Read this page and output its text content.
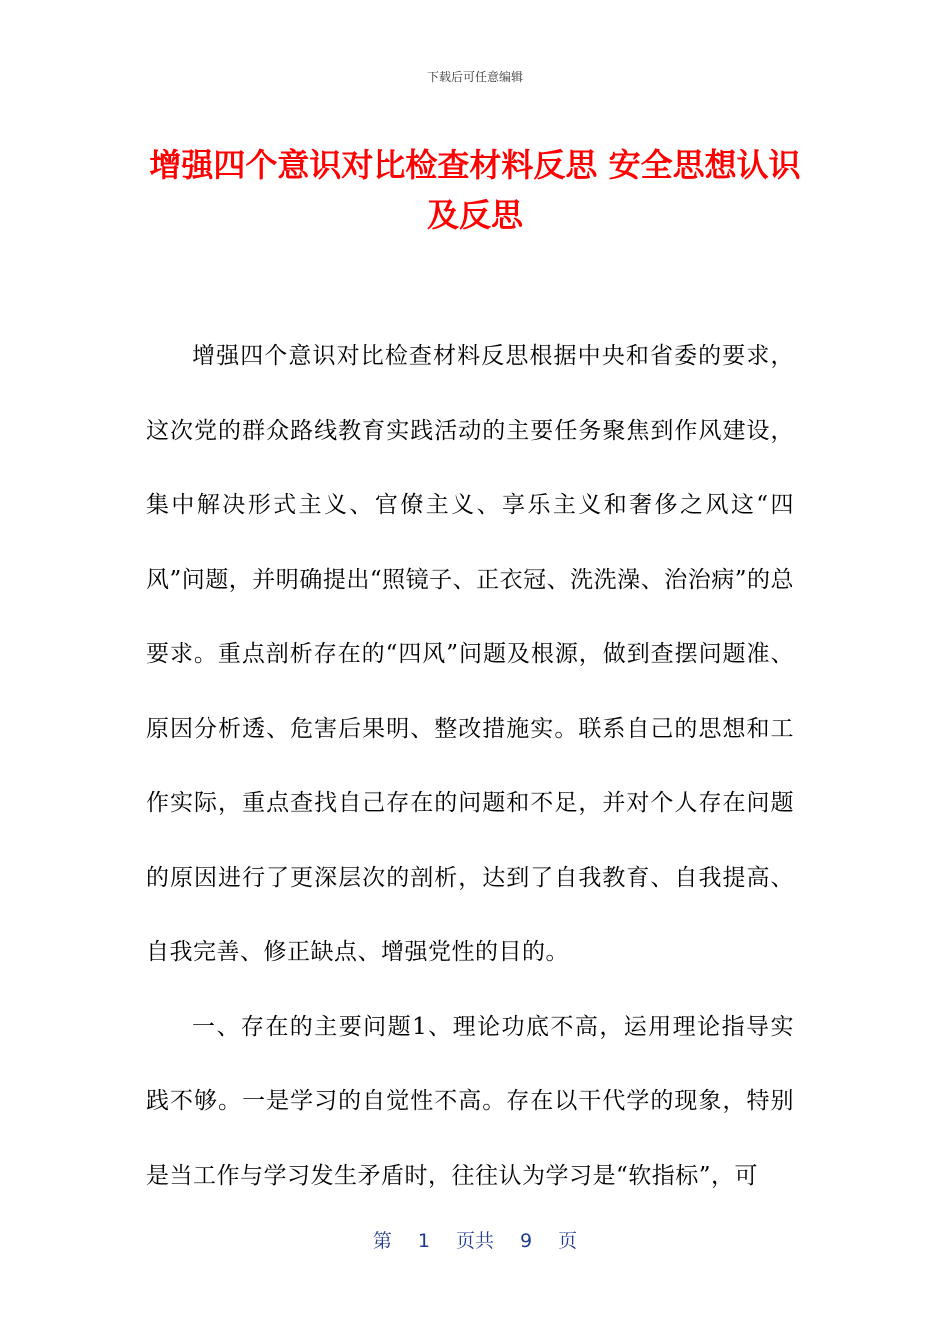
下载后可任意编辑
增强四个意识对比检查材料反思 安全思想认识及反思

增强四个意识对比检查材料反思根据中央和省委的要求，这次党的群众路线教育实践活动的主要任务聚焦到作风建设，集中解决形式主义、官僚主义、享乐主义和奢侈之风这“四风”问题，并明确提出“照镜子、正衣冠、洗洗澡、治治病”的总要求。重点剖析存在的“四风”问题及根源，做到查摆问题准、原因分析透、危害后果明、整改措施实。联系自己的思想和工作实际，重点查找自己存在的问题和不足，并对个人存在问题的原因进行了更深层次的剖析，达到了自我教育、自我提高、自我完善、修正缺点、增强党性的目的。

一、存在的主要问题1、理论功底不高，运用理论指导实践不够。一是学习的自觉性不高。存在以干代学的现象，特别是当工作与学习发生矛盾时，往往认为学习是“软指标”，可

第 1 页共 9 页
